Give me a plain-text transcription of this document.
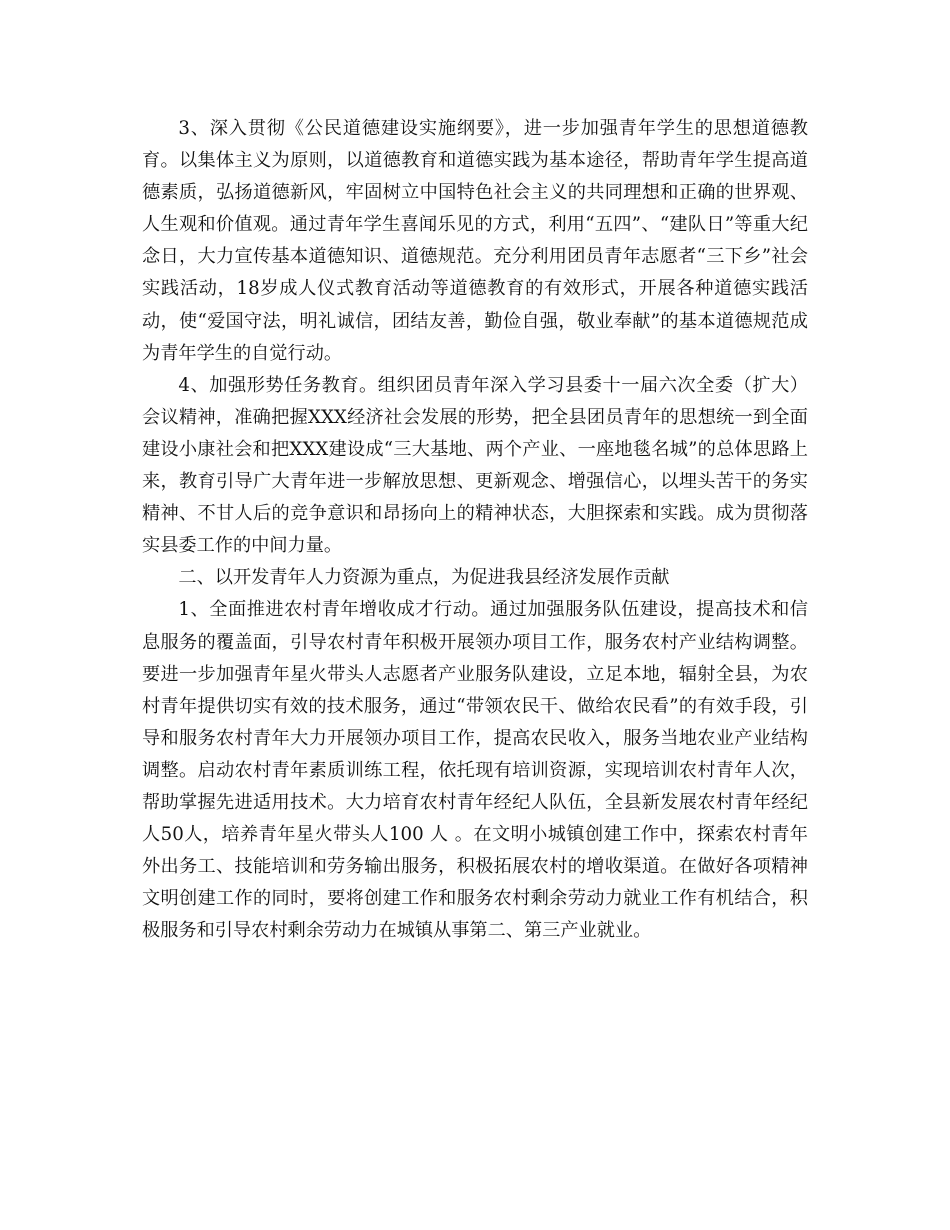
3、深入贯彻《公民道德建设实施纲要》，进一步加强青年学生的思想道德教育。以集体主义为原则，以道德教育和道德实践为基本途径，帮助青年学生提高道德素质，弘扬道德新风，牢固树立中国特色社会主义的共同理想和正确的世界观、人生观和价值观。通过青年学生喜闻乐见的方式，利用“五四”、“建队日”等重大纪念日，大力宣传基本道德知识、道德规范。充分利用团员青年志愿者“三下乡”社会实践活动，18岁成人仪式教育活动等道德教育的有效形式，开展各种道德实践活动，使“爱国守法，明礼诚信，团结友善，勤俭自强，敬业奉献”的基本道德规范成为青年学生的自觉行动。

4、加强形势任务教育。组织团员青年深入学习县委十一届六次全委（扩大）会议精神，准确把握XXX经济社会发展的形势，把全县团员青年的思想统一到全面建设小康社会和把XXX建设成“三大基地、两个产业、一座地毯名城”的总体思路上来，教育引导广大青年进一步解放思想、更新观念、增强信心，以埋头苦干的务实精神、不甘人后的竞争意识和昂扬向上的精神状态，大胆探索和实践。成为贯彻落实县委工作的中间力量。

二、以开发青年人力资源为重点，为促进我县经济发展作贡献

1、全面推进农村青年增收成才行动。通过加强服务队伍建设，提高技术和信息服务的覆盖面，引导农村青年积极开展领办项目工作，服务农村产业结构调整。要进一步加强青年星火带头人志愿者产业服务队建设，立足本地，辐射全县，为农村青年提供切实有效的技术服务，通过“带领农民干、做给农民看”的有效手段，引导和服务农村青年大力开展领办项目工作，提高农民收入，服务当地农业产业结构调整。启动农村青年素质训练工程，依托现有培训资源，实现培训农村青年人次，帮助掌握先进适用技术。大力培育农村青年经纪人队伍，全县新发展农村青年经纪人50人，培养青年星火带头人100 人 。在文明小城镇创建工作中，探索农村青年外出务工、技能培训和劳务输出服务，积极拓展农村的增收渠道。在做好各项精神文明创建工作的同时，要将创建工作和服务农村剩余劳动力就业工作有机结合，积极服务和引导农村剩余劳动力在城镇从事第二、第三产业就业。
